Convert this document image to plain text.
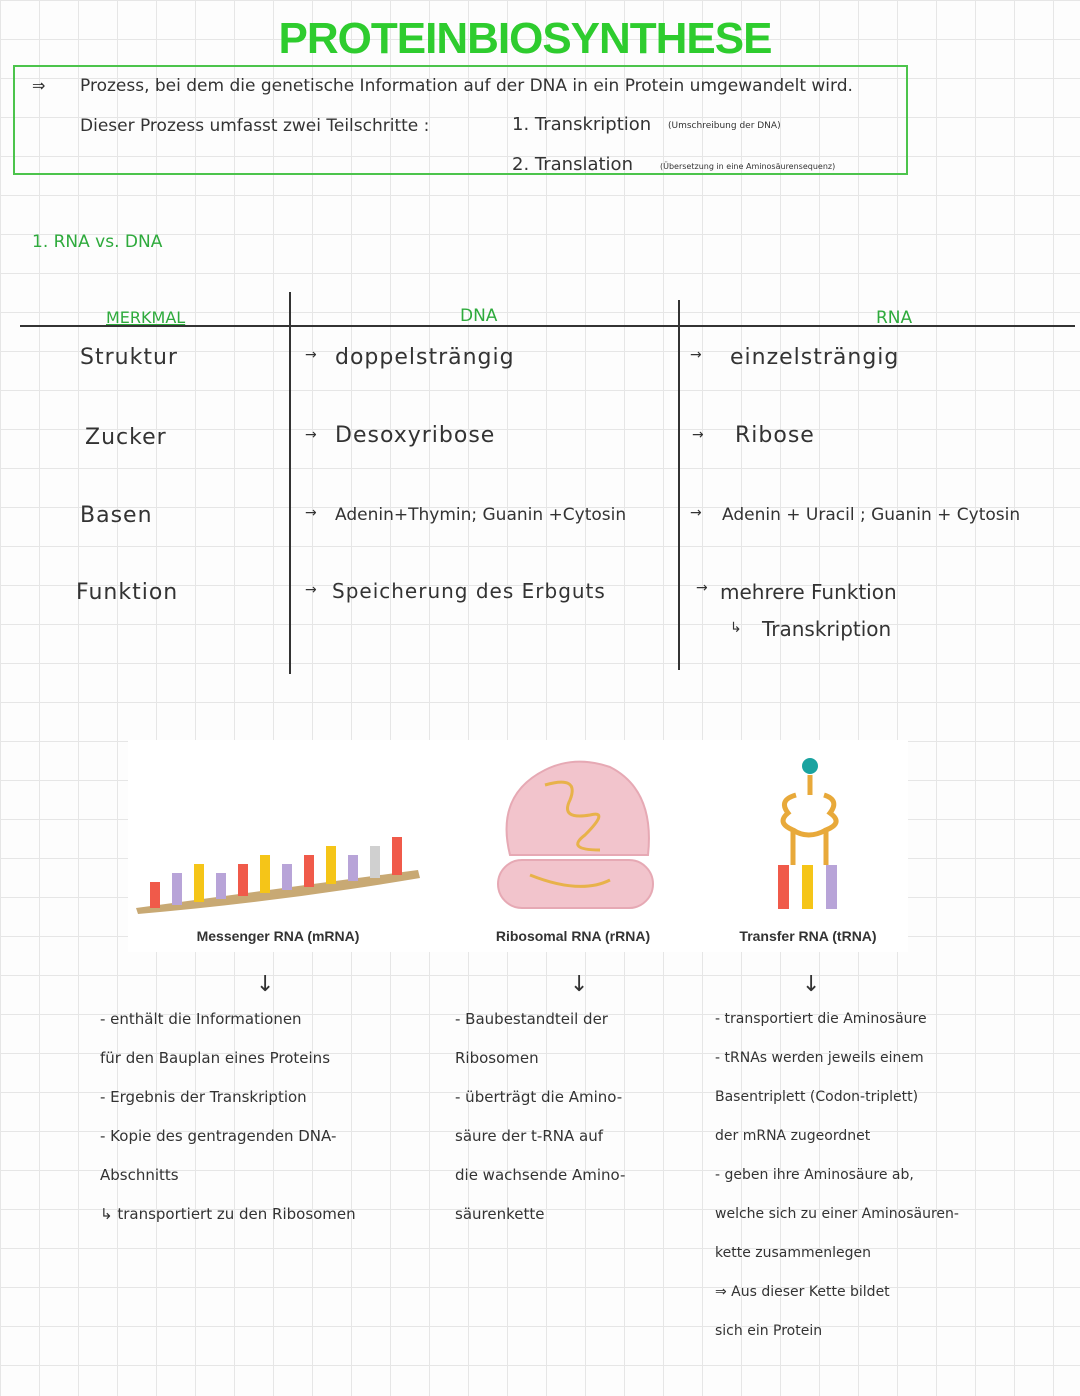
PROTEINBIOSYNTHESE
⇒ Prozess, bei dem die genetische Information auf der DNA in ein Protein umgewandelt wird.
Dieser Prozess umfasst zwei Teilschritte :	1. Transkription (Umschreibung der DNA)
2. Translation	(Übersetzung in eine Aminosäurensequenz)
1. RNA vs. DNA
MERKMAL	DNA	RNA
Struktur	→ doppelsträngig	→ einzelsträngig
Zucker	→ Desoxyribose	→ Ribose
Basen	→ Adenin+Thymin; Guanin +Cytosin	→ Adenin + Uracil ; Guanin + Cytosin
Funktion	→ Speicherung des Erbguts	→ mehrere Funktion
↳ Transkription
Messenger RNA (mRNA)	Ribosomal RNA (rRNA)	Transfer RNA (tRNA)
↓	↓	↓
- enthält die Informationen
für den Bauplan eines Proteins
- Ergebnis der Transkription
- Kopie des gentragenden DNA-
Abschnitts
↳ transportiert zu den Ribosomen
- Baubestandteil der
Ribosomen
- überträgt die Amino-
säure der t-RNA auf
die wachsende Amino-
säurenkette
- transportiert die Aminosäure
- tRNAs werden jeweils einem
Basentriplett (Codon-triplett)
der mRNA zugeordnet
- geben ihre Aminosäure ab,
welche sich zu einer Aminosäuren-
kette zusammenlegen
⇒ Aus dieser Kette bildet
sich ein Protein
